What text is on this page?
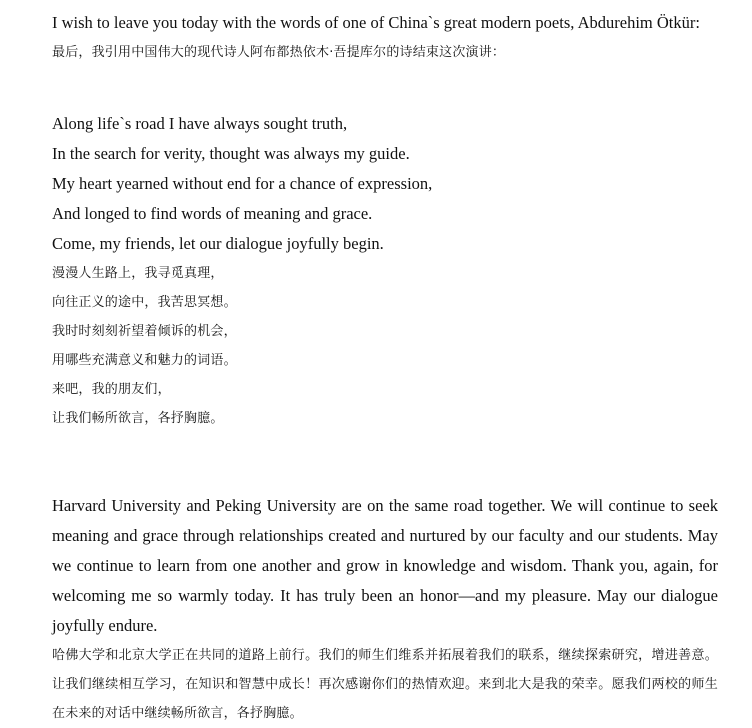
I wish to leave you today with the words of one of China`s great modern poets, Abdurehim Ötkür:

最后，我引用中国伟大的现代诗人阿布都热依木·吾提库尔的诗结束这次演讲：

Along life`s road I have always sought truth,
In the search for verity, thought was always my guide.
My heart yearned without end for a chance of expression,
And longed to find words of meaning and grace.
Come, my friends, let our dialogue joyfully begin.
漫漫人生路上，我寻觅真理，
向往正义的途中，我苦思冥想。
我时时刻刻祈望着倾诉的机会，
用哪些充满意义和魅力的词语。
来吧，我的朋友们，
让我们畅所欲言，各抒胸臆。

Harvard University and Peking University are on the same road together. We will continue to seek meaning and grace through relationships created and nurtured by our faculty and our students. May we continue to learn from one another and grow in knowledge and wisdom. Thank you, again, for welcoming me so warmly today. It has truly been an honor—and my pleasure. May our dialogue joyfully endure.

哈佛大学和北京大学正在共同的道路上前行。我们的师生们维系并拓展着我们的联系，继续探索研究，增进善意。让我们继续相互学习，在知识和智慧中成长！再次感谢你们的热情欢迎。来到北大是我的荣幸。愿我们两校的师生在未来的对话中继续畅所欲言，各抒胸臆。
